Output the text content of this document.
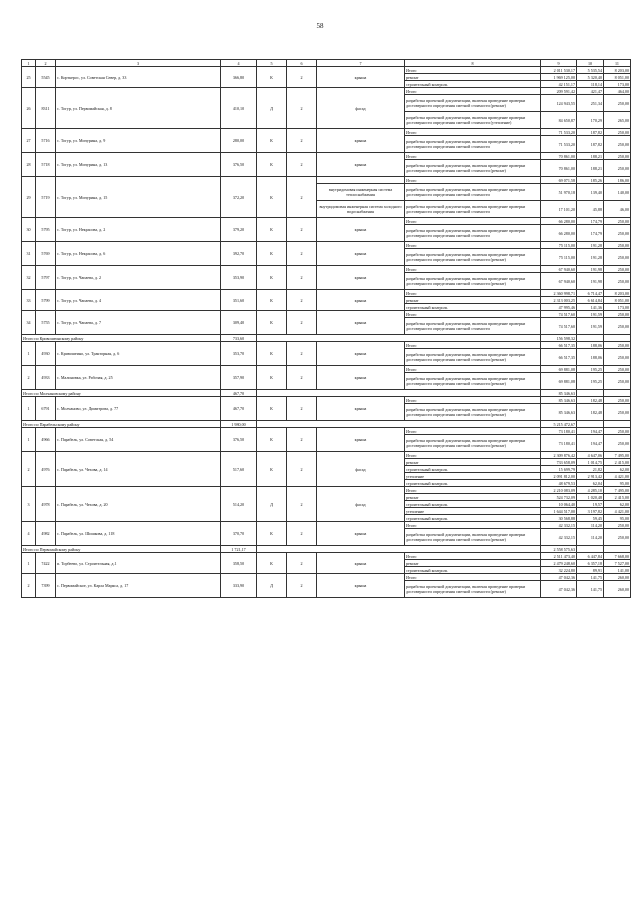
58
1	2	3	4	5	6	7	8	9	10	11
25	5545	с. Корткерос, ул. Советская Север, д. 33	366,80	К	2	крыша	Итого	2 011 530,17	5 535,54	8 203,00
							ремонт	1 969 125,00	5 320,40	8 051,00
							строительный контроль	42 151,17	118,14	173,00
26	8311	с. Тогур, ул. Первомайская, д. 8	410,10	Д	2	фасад	Итого	209 591,42	421,47	464,00
							разработка проектной документации, включая проведение проверки достоверности определения сметной стоимости (ремонт)	124 943,55	251,34	250,00
							разработка проектной документации, включая проведение проверки достоверности определения сметной стоимости (утепление)	84 650,87	170,29	265,00
27	5716	с. Тогур, ул. Мичурина, д. 9	280,00	К	2	крыша	Итого	71 533,20	187,82	250,00
							разработка проектной документации, включая проведение проверки достоверности определения сметной стоимости	71 533,20	187,82	250,00
28	5718	с. Тогур, ул. Мичурина, д. 13	376,50	К	2	крыша	Итого	70 861,00	188,21	250,00
							разработка проектной документации, включая проведение проверки достоверности определения сметной стоимости (ремонт)	70 861,00	188,21	250,00
29	5719	с. Тогур, ул. Мичурина, д. 15	372,20	К	2		Итого	69 071,58	185,26	186,00
						внутридомовая инженерная система теплоснабжения	разработка проектной документации, включая проведение проверки достоверности определения сметной стоимости	51 970,18	139,40	140,00
						внутридомовая инженерная система холодного водоснабжения	разработка проектной документации, включая проведение проверки достоверности определения сметной стоимости	17 101,20	45,88	46,00
30	5795	с. Тогур, ул. Некрасова, д. 2	379,20	К	2	крыша	Итого	66 280,00	174,79	250,00
							разработка проектной документации, включая проведение проверки достоверности определения сметной стоимости	66 280,00	174,79	250,00
31	5769	с. Тогур, ул. Некрасова, д. 6	392,70	К	2	крыша	Итого	75 115,00	191,28	250,00
							разработка проектной документации, включая проведение проверки достоверности определения сметной стоимости (ремонт)	75 115,00	191,28	250,00
32	5797	с. Тогур, ул. Чапаева, д. 2	353,90	К	2	крыша	Итого	67 940,60	191,98	250,00
							разработка проектной документации, включая проведение проверки достоверности определения сметной стоимости (ремонт)	67 940,60	191,98	250,00
33	5799	с. Тогур, ул. Чапаева, д. 4	351,60	К	2	крыша	Итого	2 360 998,71	6 714,47	8 203,00
							ремонт	2 313 003,25	6 614,84	8 051,00
							строительный контроль	47 995,46	141,36	173,00
34	5755	с. Тогур, ул. Чапаева, д. 7	309,40	К	2	крыша	Итого	74 517,60	191,59	250,00
							разработка проектной документации, включая проведение проверки достоверности определения сметной стоимости	74 517,60	191,59	250,00
Итого по Кривошеинскому району			733,60					156 598,32		
1	4930	с. Кривошеино, ул. Тракторная, д. 6	353,70	К	2	крыша	Итого	66 517,35	188,06	250,00
							разработка проектной документации, включая проведение проверки достоверности определения сметной стоимости (ремонт)	66 517,35	188,06	250,00
2	4933	с. Малиновка, ул. Рабочая, д. 25	357,90	К	2	крыша	Итого	69 881,08	195,25	250,00
							разработка проектной документации, включая проведение проверки достоверности определения сметной стоимости (ремонт)	69 881,08	195,25	250,00
Итого по Молчановскому району			467,70					85 346,63		
1	6791	с. Молчаново, ул. Димитрова, д. 77	467,70	К	2	крыша	Итого	85 346,63	182,48	250,00
							разработка проектной документации, включая проведение проверки достоверности определения сметной стоимости (ремонт)	85 346,63	182,48	250,00
Итого по Парабельскому району			1 980,00					5 215 472,67		
1	4966	с. Парабель, ул. Советская, д. 54	376,50	К	2	крыша	Итого	73 180,41	194,47	250,00
							разработка проектной документации, включая проведение проверки достоверности определения сметной стоимости (ремонт)	73 180,41	194,47	250,00
2	4976	с. Парабель, ул. Чехова, д. 14	517,60	К	2	фасад	Итого	2 309 876,42	4 647,06	7 495,00
							ремонт	733 658,09	1 014,75	2 415,00
							строительный контроль	15 699,79	21,82	62,00
							утепление	2 091 812,00	2 913,42	4 421,00
							строительный контроль	48 679,53	62,04	95,00
3	4978	с. Парабель, ул. Чехова, д. 20	514,20	Д	2	фасад	Итого	2 210 083,09	4 285,10	7 495,00
							ремонт	524 732,09	1 020,48	2 415,00
							строительный контроль	10 064,40	19,57	62,00
							утепление	1 644 517,00	3 197,82	4 421,00
							строительный контроль	30 568,88	59,45	95,00
4	4982	с. Парабель, ул. Шишкова, д. 118	370,70	К	2	крыша	Итого	42 332,15	114,20	250,00
							разработка проектной документации, включая проведение проверки достоверности определения сметной стоимости (ремонт)	42 332,15	114,20	250,00
Итого по Первомайскому району			1 721,17					2 558 575,63		
1	7422	п. Торбеево, ул. Строительная, д.1	358,50	К	2	крыша	Итого	2 511 473,40	6 447,84	7 668,00
							ремонт	2 479 248,60	6 357,18	7 527,00
							строительный контроль	32 224,80	89,91	141,00
2	7399	с. Первомайское, ул. Карла Маркса, д. 17	333,90	Д	2	крыша	Итого	47 042,36	141,75	260,00
							разработка проектной документации, включая проведение проверки достоверности определения сметной стоимости (ремонт)	47 042,36	141,75	260,00
